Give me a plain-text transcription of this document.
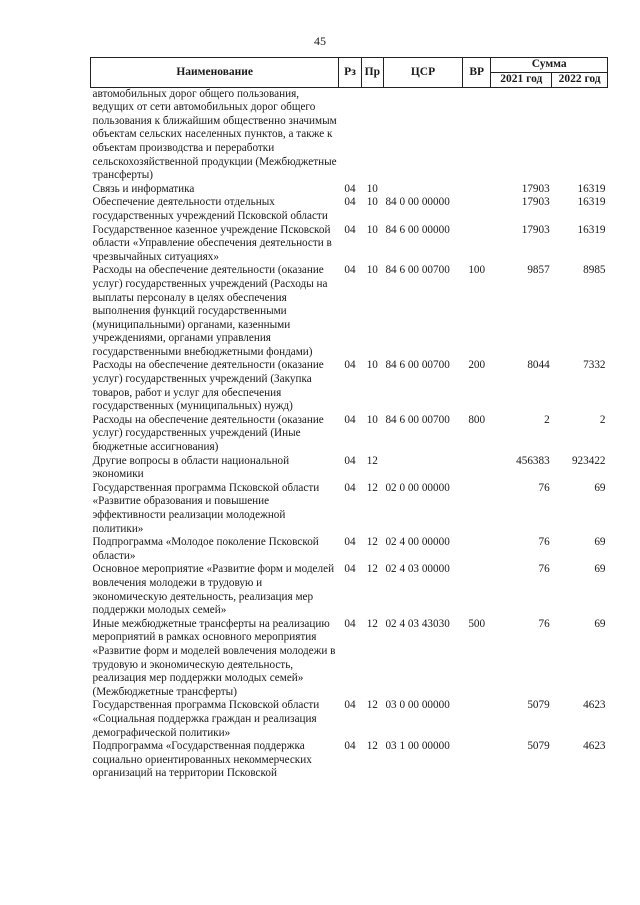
45
Наименование	Рз	Пр	ЦСР	ВР	Сумма	
					2021 год	2022 год
автомобильных дорог общего пользования, ведущих от сети автомобильных дорог общего пользования к ближайшим общественно значимым объектам сельских населенных пунктов, а также к объектам производства и переработки сельскохозяйственной продукции (Межбюджетные трансферты)						
Связь и информатика	04	10			17903	16319
Обеспечение деятельности отдельных государственных учреждений Псковской области	04	10	84 0 00 00000		17903	16319
Государственное казенное учреждение Псковской области «Управление обеспечения деятельности в чрезвычайных ситуациях»	04	10	84 6 00 00000		17903	16319
Расходы на обеспечение деятельности (оказание услуг) государственных учреждений (Расходы на выплаты персоналу в целях обеспечения выполнения функций государственными (муниципальными) органами, казенными учреждениями, органами управления государственными внебюджетными фондами)	04	10	84 6 00 00700	100	9857	8985
Расходы на обеспечение деятельности (оказание услуг) государственных учреждений (Закупка товаров, работ и услуг для обеспечения государственных (муниципальных) нужд)	04	10	84 6 00 00700	200	8044	7332
Расходы на обеспечение деятельности (оказание услуг) государственных учреждений (Иные бюджетные ассигнования)	04	10	84 6 00 00700	800	2	2
Другие вопросы в области национальной экономики	04	12			456383	923422
Государственная программа Псковской области «Развитие образования и повышение эффективности реализации молодежной политики»	04	12	02 0 00 00000		76	69
Подпрограмма «Молодое поколение Псковской области»	04	12	02 4 00 00000		76	69
Основное мероприятие «Развитие форм и моделей вовлечения молодежи в трудовую и экономическую деятельность, реализация мер поддержки молодых семей»	04	12	02 4 03 00000		76	69
Иные межбюджетные трансферты на реализацию мероприятий в рамках основного мероприятия «Развитие форм и моделей вовлечения молодежи в трудовую и экономическую деятельность, реализация мер поддержки молодых семей» (Межбюджетные трансферты)	04	12	02 4 03 43030	500	76	69
Государственная программа Псковской области «Социальная поддержка граждан и реализация демографической политики»	04	12	03 0 00 00000		5079	4623
Подпрограмма «Государственная поддержка социально ориентированных некоммерческих организаций на территории Псковской	04	12	03 1 00 00000		5079	4623
